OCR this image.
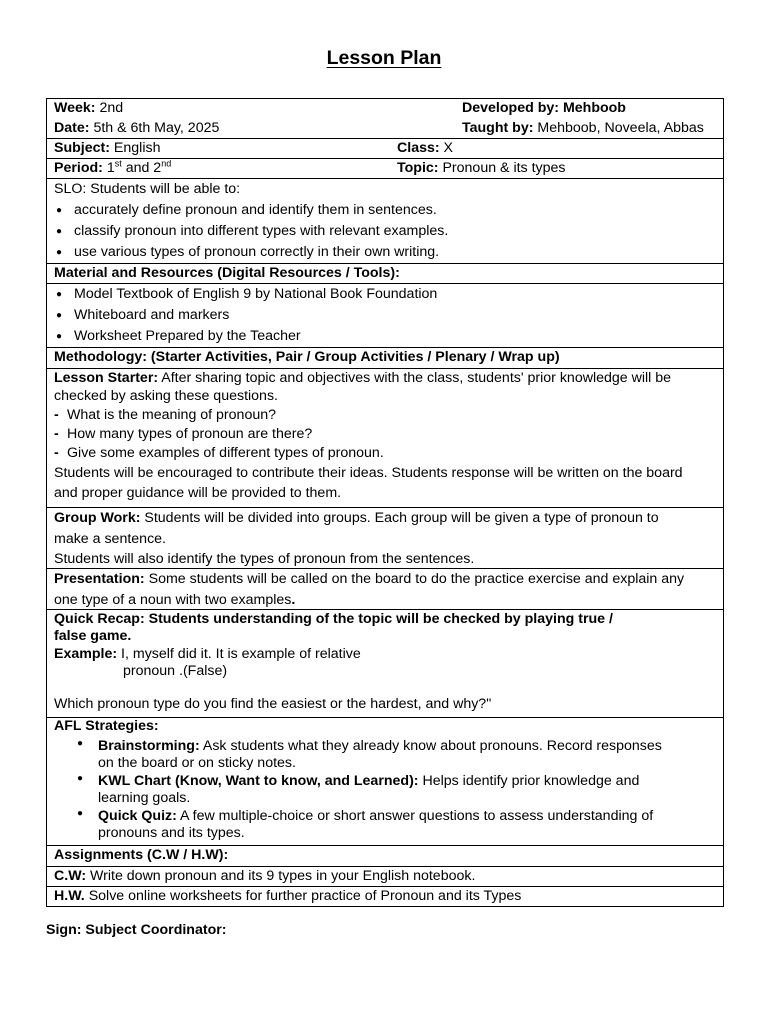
Lesson Plan
Week: 2nd
Date: 5th & 6th May, 2025
Developed by: Mehboob
Taught by: Mehboob, Noveela, Abbas
Subject: English	Class: X
Period: 1st and 2nd	Topic: Pronoun & its types
SLO: Students will be able to:
● accurately define pronoun and identify them in sentences.
● classify pronoun into different types with relevant examples.
● use various types of pronoun correctly in their own writing.
Material and Resources (Digital Resources / Tools):
● Model Textbook of English 9 by National Book Foundation
● Whiteboard and markers
● Worksheet Prepared by the Teacher
Methodology: (Starter Activities, Pair / Group Activities / Plenary / Wrap up)
Lesson Starter: After sharing topic and objectives with the class, students' prior knowledge will be
checked by asking these questions.
- What is the meaning of pronoun?
- How many types of pronoun are there?
- Give some examples of different types of pronoun.
Students will be encouraged to contribute their ideas. Students response will be written on the board
and proper guidance will be provided to them.
Group Work: Students will be divided into groups. Each group will be given a type of pronoun to
make a sentence.
Students will also identify the types of pronoun from the sentences.
Presentation: Some students will be called on the board to do the practice exercise and explain any
one type of a noun with two examples.
Quick Recap: Students understanding of the topic will be checked by playing true /
false game.
Example: I, myself did it. It is example of relative
pronoun .(False)
Which pronoun type do you find the easiest or the hardest, and why?"
AFL Strategies:
● Brainstorming: Ask students what they already know about pronouns. Record responses
on the board or on sticky notes.
● KWL Chart (Know, Want to know, and Learned): Helps identify prior knowledge and
learning goals.
● Quick Quiz: A few multiple-choice or short answer questions to assess understanding of
pronouns and its types.
Assignments (C.W / H.W):
C.W: Write down pronoun and its 9 types in your English notebook.
H.W. Solve online worksheets for further practice of Pronoun and its Types
Sign: Subject Coordinator:
